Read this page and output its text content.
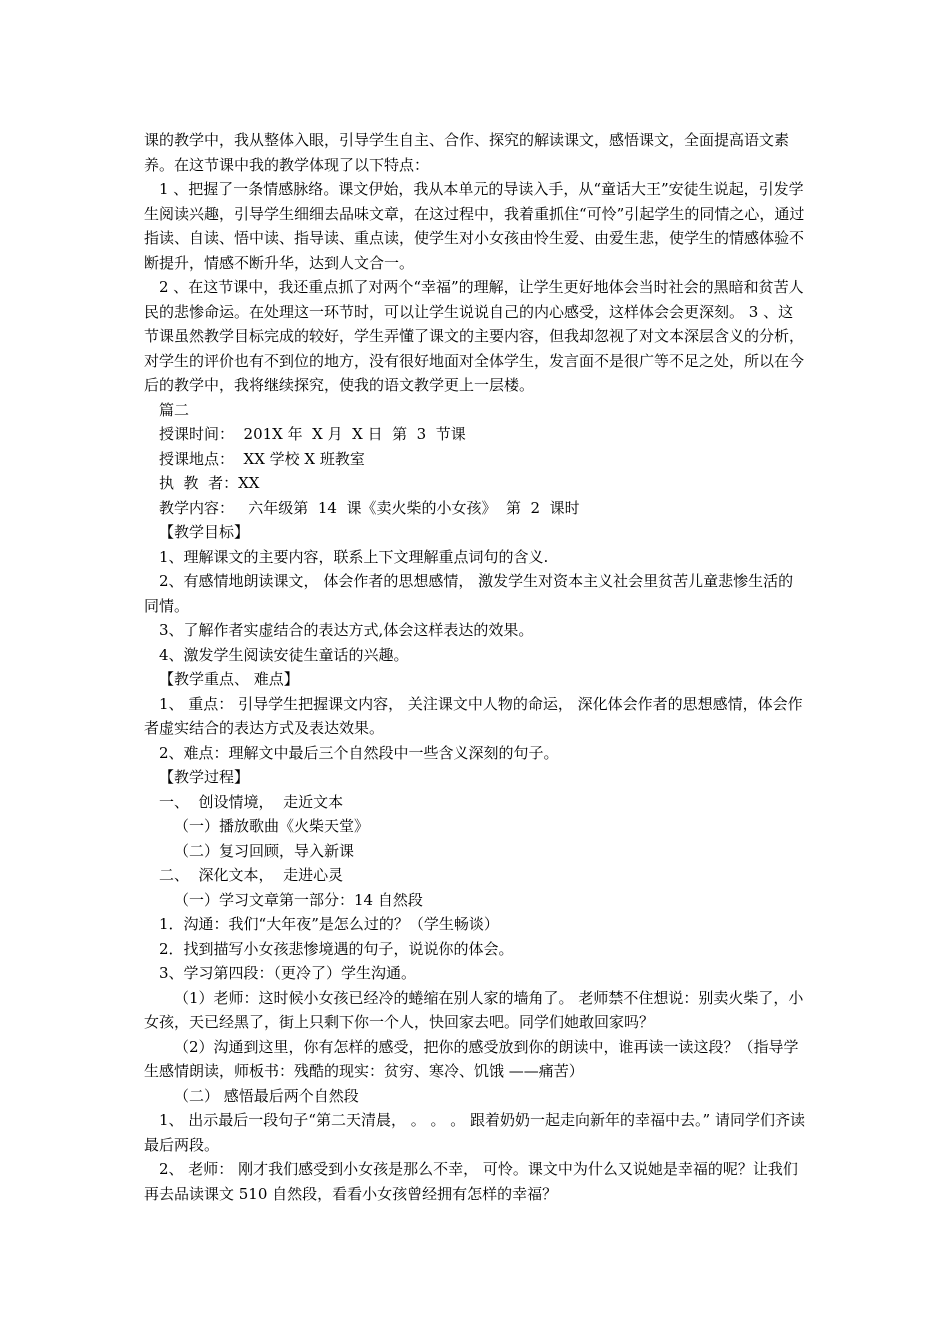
课的教学中，我从整体入眼，引导学生自主、合作、探究的解读课文，感悟课文，全面提高语文素养。在这节课中我的教学体现了以下特点：

1 、把握了一条情感脉络。课文伊始，我从本单元的导读入手，从“童话大王”安徒生说起，引发学生阅读兴趣，引导学生细细去品味文章，在这过程中，我着重抓住“可怜”引起学生的同情之心，通过指读、自读、悟中读、指导读、重点读，使学生对小女孩由怜生爱、由爱生悲，使学生的情感体验不断提升，情感不断升华，达到人文合一。

2 、在这节课中，我还重点抓了对两个“幸福”的理解，让学生更好地体会当时社会的黑暗和贫苦人民的悲惨命运。在处理这一环节时，可以让学生说说自己的内心感受，这样体会会更深刻。 3 、这节课虽然教学目标完成的较好，学生弄懂了课文的主要内容，但我却忽视了对文本深层含义的分析，对学生的评价也有不到位的地方，没有很好地面对全体学生，发言面不是很广等不足之处，所以在今后的教学中，我将继续探究，使我的语文教学更上一层楼。

篇二

授课时间：  201X 年  X 月  X 日  第  3  节课

授课地点：  XX 学校 X 班教室

执  教  者：XX

教学内容：   六年级第  14  课《卖火柴的小女孩》  第  2  课时

【教学目标】

1、理解课文的主要内容，联系上下文理解重点词句的含义.

2、有感情地朗读课文， 体会作者的思想感情， 激发学生对资本主义社会里贫苦儿童悲惨生活的同情。

3、了解作者实虚结合的表达方式,体会这样表达的效果。

4、激发学生阅读安徒生童话的兴趣。

【教学重点、 难点】

1、 重点： 引导学生把握课文内容， 关注课文中人物的命运， 深化体会作者的思想感情，体会作者虚实结合的表达方式及表达效果。

2、难点：理解文中最后三个自然段中一些含义深刻的句子。

【教学过程】

一、  创设情境，  走近文本

（一）播放歌曲《火柴天堂》

（二）复习回顾，导入新课

二、  深化文本，  走进心灵

（一）学习文章第一部分：14 自然段

1．沟通：我们“大年夜”是怎么过的？（学生畅谈）

2．找到描写小女孩悲惨境遇的句子，说说你的体会。

3、学习第四段：（更冷了）学生沟通。

（1）老师：这时候小女孩已经冷的蜷缩在别人家的墙角了。 老师禁不住想说：别卖火柴了，小女孩，天已经黑了，街上只剩下你一个人，快回家去吧。同学们她敢回家吗？

（2）沟通到这里，你有怎样的感受，把你的感受放到你的朗读中，谁再读一读这段？（指导学生感情朗读，师板书：残酷的现实：贫穷、寒冷、饥饿 ——痛苦）

（二） 感悟最后两个自然段

1、 出示最后一段句子“第二天清晨， 。 。 。 跟着奶奶一起走向新年的幸福中去。” 请同学们齐读最后两段。

2、 老师： 刚才我们感受到小女孩是那么不幸， 可怜。课文中为什么又说她是幸福的呢？让我们再去品读课文 510 自然段，看看小女孩曾经拥有怎样的幸福？
